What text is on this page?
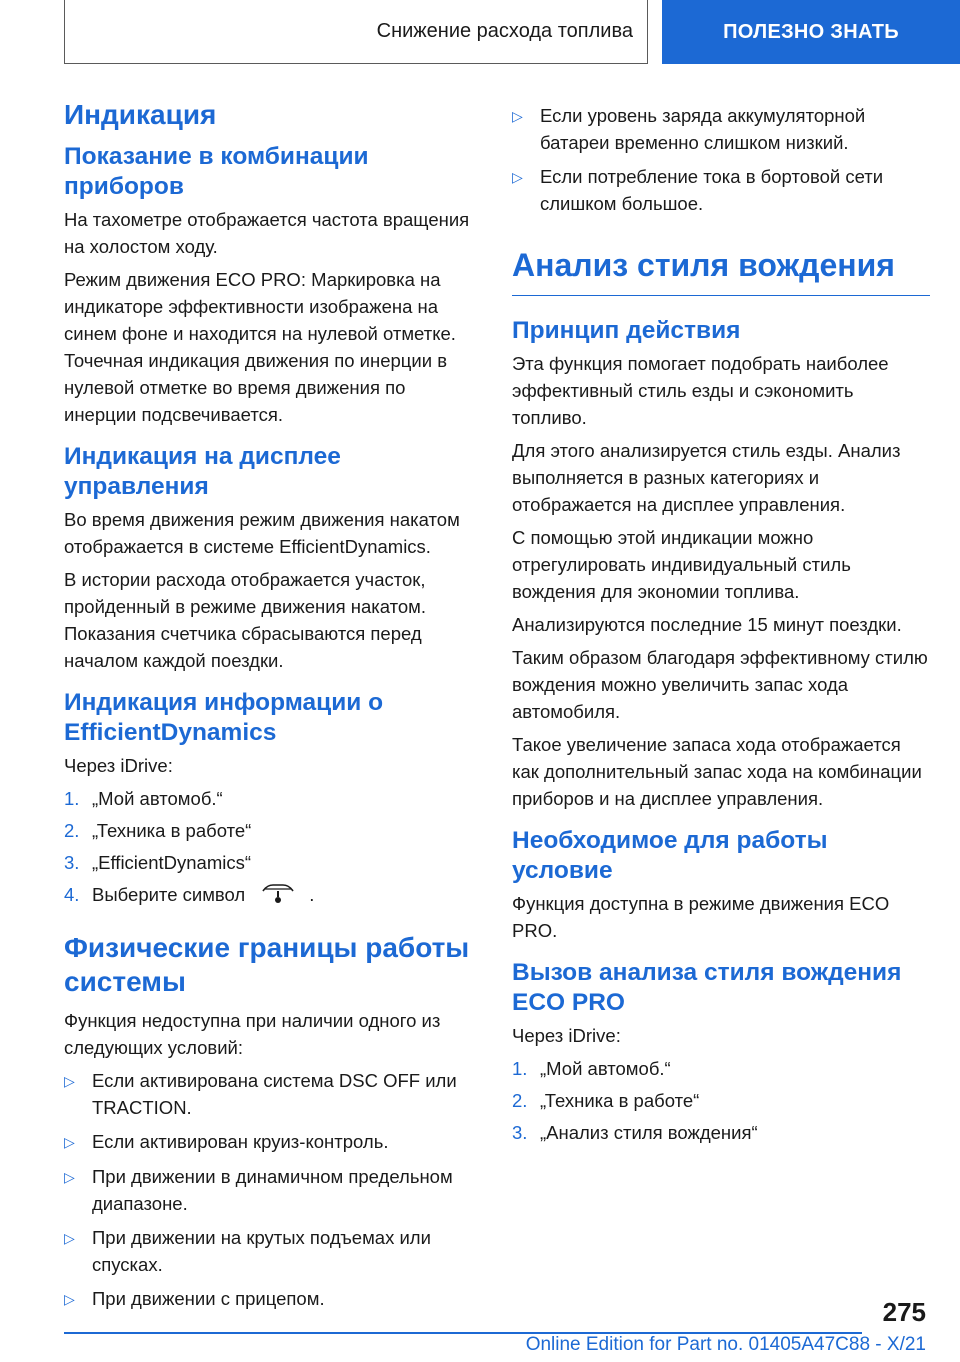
Снижение расхода топлива	ПОЛЕЗНО ЗНАТЬ
Индикация
Показание в комбинации приборов

На тахометре отображается частота вращения на холостом ходу.

Режим движения ECO PRO: Маркировка на индикаторе эффективности изображена на синем фоне и находится на нулевой отметке. Точечная индикация движения по инерции в нулевой отметке во время движения по инерции подсвечивается.

Индикация на дисплее управления

Во время движения режим движения накатом отображается в системе EfficientDynamics.

В истории расхода отображается участок, пройденный в режиме движения накатом. Показания счетчика сбрасываются перед началом каждой поездки.

Индикация информации о EfficientDynamics

Через iDrive:

1. „Мой автомоб.“
2. „Техника в работе“
3. „EfficientDynamics“
4. Выберите символ	.
Физические границы работы системы

Функция недоступна при наличии одного из следующих условий:

▷ Если активирована система DSC OFF или TRACTION.
▷ Если активирован круиз-контроль.
▷ При движении в динамичном предельном диапазоне.
▷ При движении на крутых подъемах или спусках.
▷ При движении с прицепом.
▷ Если уровень заряда аккумуляторной батареи временно слишком низкий.
▷ Если потребление тока в бортовой сети слишком большое.
Анализ стиля вождения
Принцип действия

Эта функция помогает подобрать наиболее эффективный стиль езды и сэкономить топливо.

Для этого анализируется стиль езды. Анализ выполняется в разных категориях и отображается на дисплее управления.

С помощью этой индикации можно отрегулировать индивидуальный стиль вождения для экономии топлива.

Анализируются последние 15 минут поездки.

Таким образом благодаря эффективному стилю вождения можно увеличить запас хода автомобиля.

Такое увеличение запаса хода отображается как дополнительный запас хода на комбинации приборов и на дисплее управления.

Необходимое для работы условие

Функция доступна в режиме движения ECO PRO.

Вызов анализа стиля вождения ECO PRO

Через iDrive:

1. „Мой автомоб.“
2. „Техника в работе“
3. „Анализ стиля вождения“
275
Online Edition for Part no. 01405A47C88 - X/21
